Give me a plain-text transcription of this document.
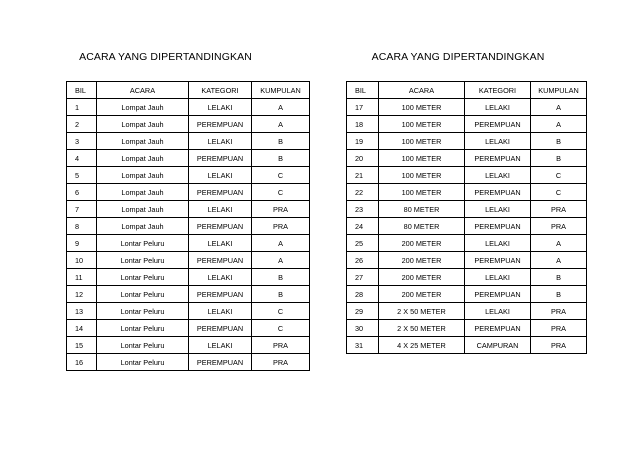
ACARA YANG DIPERTANDINGKAN
BIL	ACARA	KATEGORI	KUMPULAN
1	Lompat Jauh	LELAKI	A
2	Lompat Jauh	PEREMPUAN	A
3	Lompat Jauh	LELAKI	B
4	Lompat Jauh	PEREMPUAN	B
5	Lompat Jauh	LELAKI	C
6	Lompat Jauh	PEREMPUAN	C
7	Lompat Jauh	LELAKI	PRA
8	Lompat Jauh	PEREMPUAN	PRA
9	Lontar Peluru	LELAKI	A
10	Lontar Peluru	PEREMPUAN	A
11	Lontar Peluru	LELAKI	B
12	Lontar Peluru	PEREMPUAN	B
13	Lontar Peluru	LELAKI	C
14	Lontar Peluru	PEREMPUAN	C
15	Lontar Peluru	LELAKI	PRA
16	Lontar Peluru	PEREMPUAN	PRA
ACARA YANG DIPERTANDINGKAN
BIL	ACARA	KATEGORI	KUMPULAN
17	100 METER	LELAKI	A
18	100 METER	PEREMPUAN	A
19	100 METER	LELAKI	B
20	100 METER	PEREMPUAN	B
21	100 METER	LELAKI	C
22	100 METER	PEREMPUAN	C
23	80 METER	LELAKI	PRA
24	80 METER	PEREMPUAN	PRA
25	200 METER	LELAKI	A
26	200 METER	PEREMPUAN	A
27	200 METER	LELAKI	B
28	200 METER	PEREMPUAN	B
29	2 X 50 METER	LELAKI	PRA
30	2 X 50 METER	PEREMPUAN	PRA
31	4 X 25 METER	CAMPURAN	PRA
